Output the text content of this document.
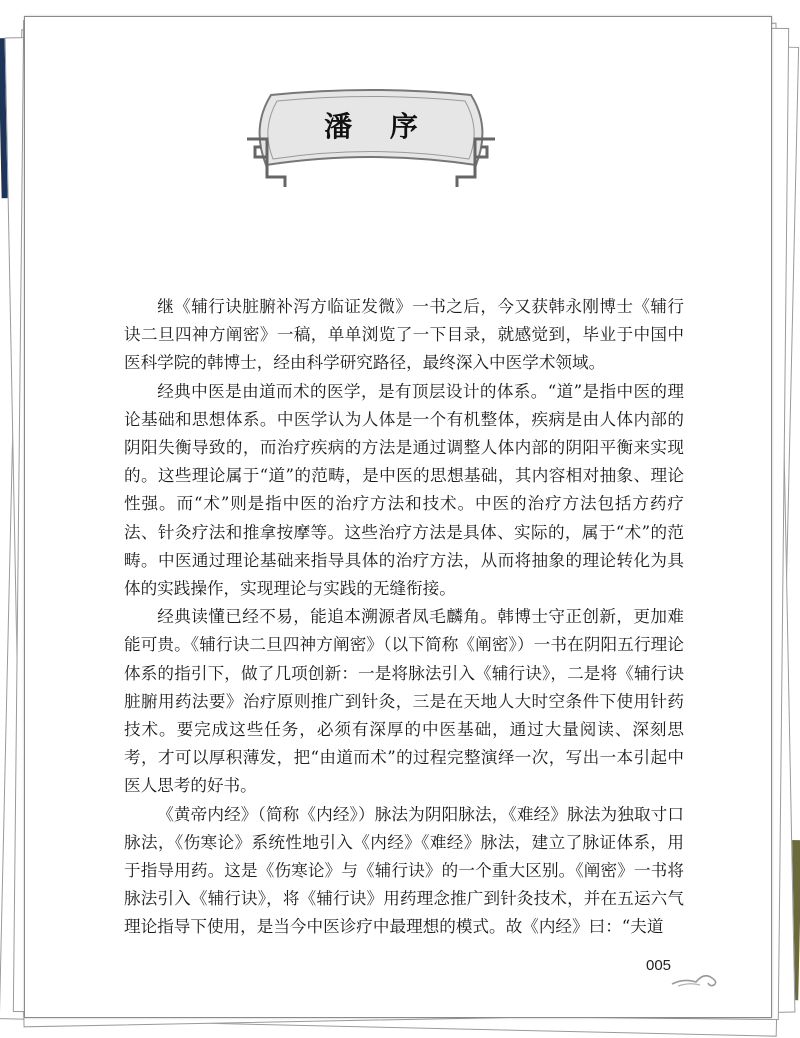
潘 序

继《辅行诀脏腑补泻方临证发微》一书之后，今又获韩永刚博士《辅行诀二旦四神方阐密》一稿，单单浏览了一下目录，就感觉到，毕业于中国中医科学院的韩博士，经由科学研究路径，最终深入中医学术领域。

经典中医是由道而术的医学，是有顶层设计的体系。“道”是指中医的理论基础和思想体系。中医学认为人体是一个有机整体，疾病是由人体内部的阴阳失衡导致的，而治疗疾病的方法是通过调整人体内部的阴阳平衡来实现的。这些理论属于“道”的范畴，是中医的思想基础，其内容相对抽象、理论性强。而“术”则是指中医的治疗方法和技术。中医的治疗方法包括方药疗法、针灸疗法和推拿按摩等。这些治疗方法是具体、实际的，属于“术”的范畴。中医通过理论基础来指导具体的治疗方法，从而将抽象的理论转化为具体的实践操作，实现理论与实践的无缝衔接。

经典读懂已经不易，能追本溯源者凤毛麟角。韩博士守正创新，更加难能可贵。《辅行诀二旦四神方阐密》（以下简称《阐密》）一书在阴阳五行理论体系的指引下，做了几项创新：一是将脉法引入《辅行诀》，二是将《辅行诀脏腑用药法要》治疗原则推广到针灸，三是在天地人大时空条件下使用针药技术。要完成这些任务，必须有深厚的中医基础，通过大量阅读、深刻思考，才可以厚积薄发，把“由道而术”的过程完整演绎一次，写出一本引起中医人思考的好书。

《黄帝内经》（简称《内经》）脉法为阴阳脉法，《难经》脉法为独取寸口脉法，《伤寒论》系统性地引入《内经》《难经》脉法，建立了脉证体系，用于指导用药。这是《伤寒论》与《辅行诀》的一个重大区别。《阐密》一书将脉法引入《辅行诀》，将《辅行诀》用药理念推广到针灸技术，并在五运六气理论指导下使用，是当今中医诊疗中最理想的模式。故《内经》曰：“夫道

005
